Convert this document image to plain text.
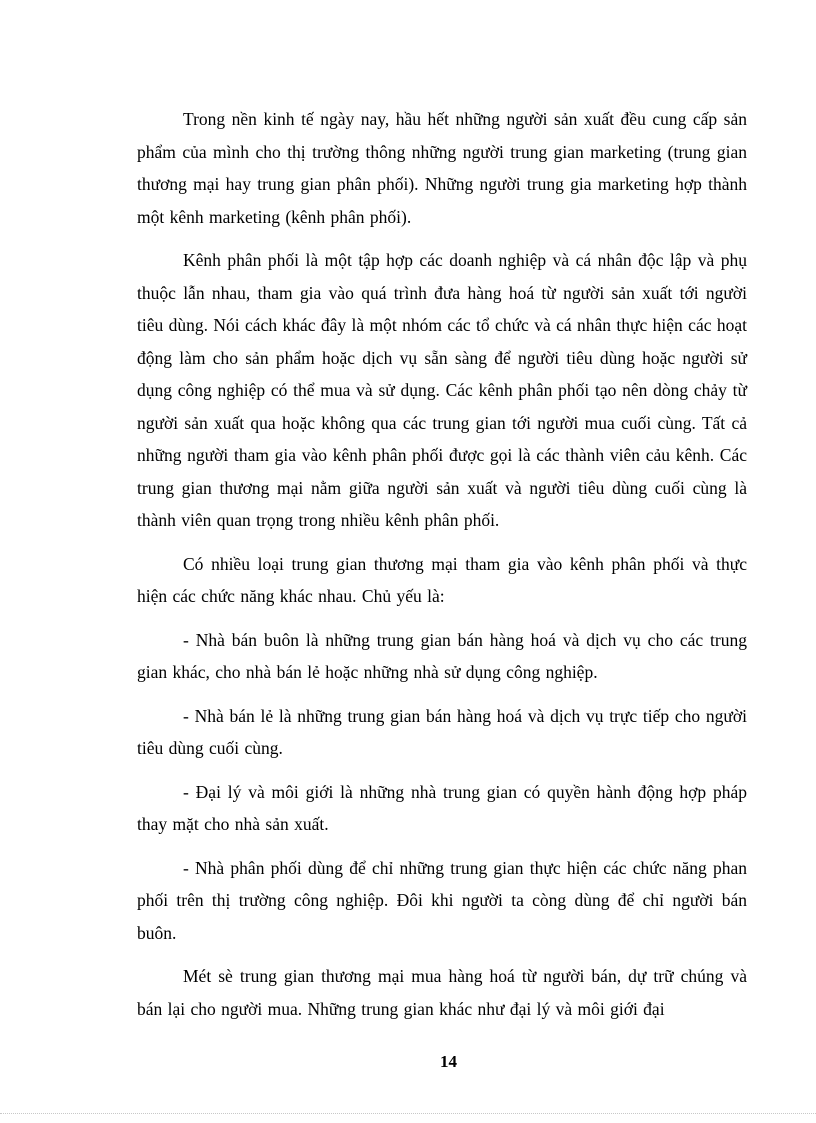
Trong nền kinh tế ngày nay, hầu hết những người sản xuất đều cung cấp sản phẩm của mình cho thị trường thông những người trung gian marketing (trung gian thương mại hay trung gian phân phối). Những người trung gia marketing hợp thành một kênh marketing (kênh phân phối).

Kênh phân phối là một tập hợp các doanh nghiệp và cá nhân độc lập và phụ thuộc lẫn nhau, tham gia vào quá trình đưa hàng hoá từ người sản xuất tới người tiêu dùng. Nói cách khác đây là một nhóm các tổ chức và cá nhân thực hiện các hoạt động làm cho sản phẩm hoặc dịch vụ sẵn sàng để người tiêu dùng hoặc người sử dụng công nghiệp có thể mua và sử dụng. Các kênh phân phối tạo nên dòng chảy từ người sản xuất qua hoặc không qua các trung gian tới người mua cuối cùng. Tất cả những người tham gia vào kênh phân phối được gọi là các thành viên cảu kênh. Các trung gian thương mại nằm giữa người sản xuất và người tiêu dùng cuối cùng là thành viên quan trọng trong nhiều kênh phân phối.

Có nhiều loại trung gian thương mại tham gia vào kênh phân phối và thực hiện các chức năng khác nhau. Chủ yếu là:

- Nhà bán buôn là những trung gian bán hàng hoá và dịch vụ cho các trung gian khác, cho nhà bán lẻ hoặc những nhà sử dụng công nghiệp.

- Nhà bán lẻ là những trung gian bán hàng hoá và dịch vụ trực tiếp cho người tiêu dùng cuối cùng.

- Đại lý và môi giới là những nhà trung gian có quyền hành động hợp pháp thay mặt cho nhà sản xuất.

- Nhà phân phối dùng để chỉ những trung gian thực hiện các chức năng phan phối trên thị trường công nghiệp. Đôi khi người ta còng dùng để chỉ người bán buôn.

Mét sè trung gian thương mại mua hàng hoá từ người bán, dự trữ chúng và bán lại cho người mua. Những trung gian khác như đại lý và môi giới đại

14
